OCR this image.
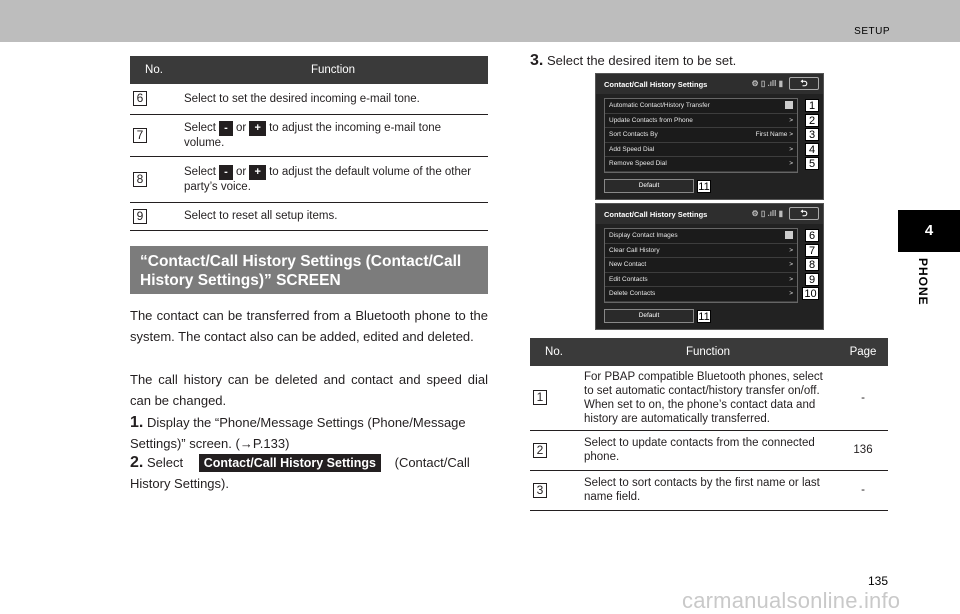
SETUP
4
PHONE
No.	Function
6	Select to set the desired incoming e-mail tone.
7	Select - or + to adjust the incoming e-mail tone volume.
8	Select - or + to adjust the default volume of the other party’s voice.
9	Select to reset all setup items.
“Contact/Call History Settings (Contact/Call History Settings)” SCREEN
The contact can be transferred from a Bluetooth phone to the system. The contact also can be added, edited and deleted.
The call history can be deleted and contact and speed dial can be changed.
1. Display the “Phone/Message Settings (Phone/Message Settings)” screen. (→P.133)
2. Select Contact/Call History Settings (Contact/Call History Settings).
3. Select the desired item to be set.
Contact/Call History Settings	⚙ ▯ .ıll ▮	⮌
Automatic Contact/History Transfer	1
Update Contacts from Phone	>	2
Sort Contacts By	First Name >	3
Add Speed Dial	>	4
Remove Speed Dial	>	5
Default	11
Contact/Call History Settings	⚙ ▯ .ıll ▮	⮌
Display Contact Images	6
Clear Call History	>	7
New Contact	>	8
Edit Contacts	>	9
Delete Contacts	> 10
Default	11
No.	Function	Page
1	For PBAP compatible Bluetooth phones, select to set automatic contact/history transfer on/off. When set to on, the phone’s contact data and history are automatically transferred.	-
2	Select to update contacts from the connected phone.	136
3	Select to sort contacts by the first name or last name field.	-
135
carmanualsonline.info
